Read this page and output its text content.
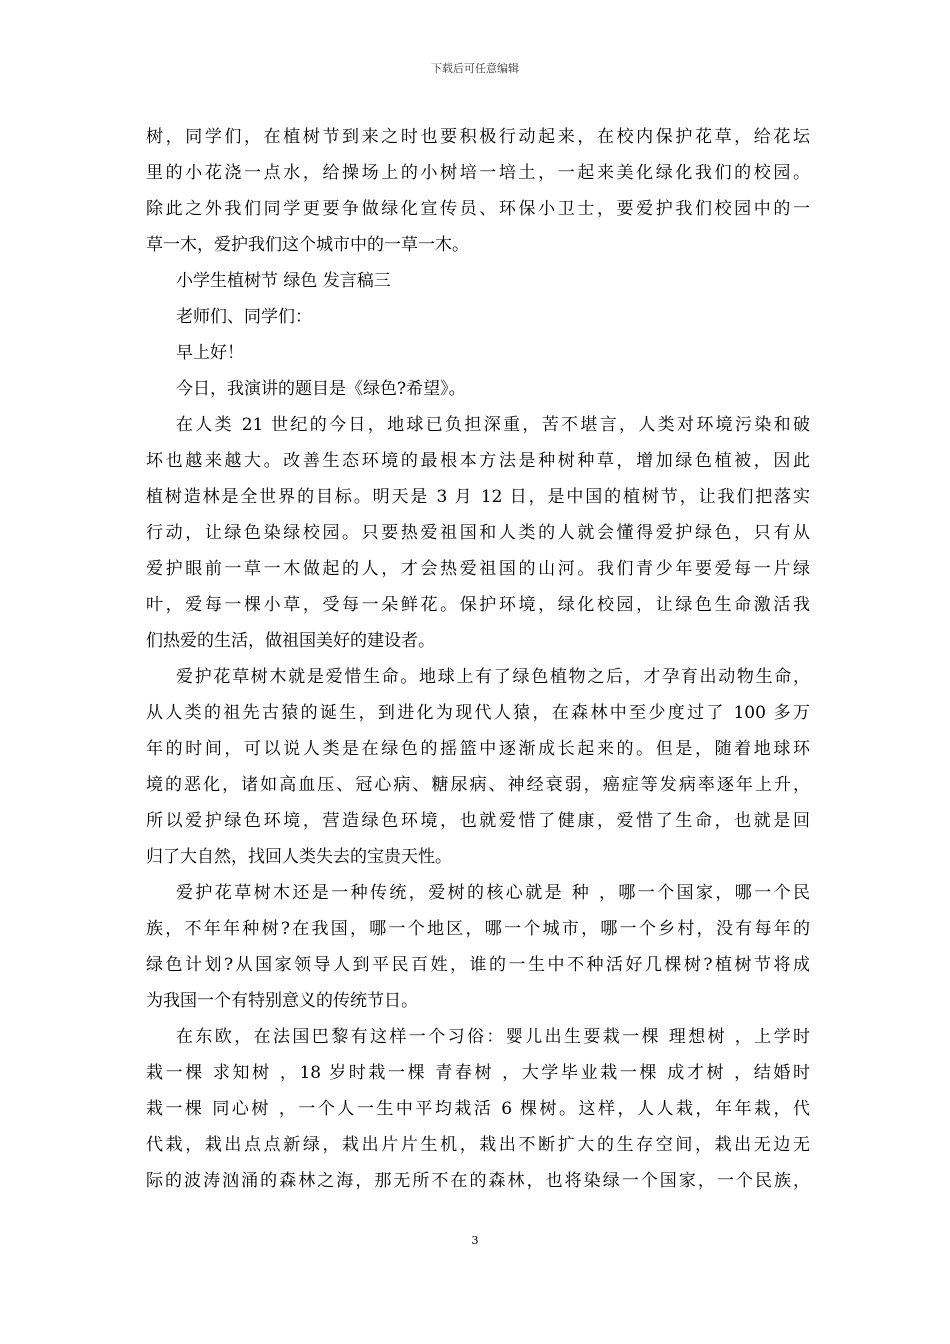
下载后可任意编辑
树，同学们，在植树节到来之时也要积极行动起来，在校内保护花草，给花坛
里的小花浇一点水，给操场上的小树培一培土，一起来美化绿化我们的校园。
除此之外我们同学更要争做绿化宣传员、环保小卫士，要爱护我们校园中的一
草一木，爱护我们这个城市中的一草一木。
小学生植树节 绿色 发言稿三
老师们、同学们：
早上好！
今日，我演讲的题目是《绿色?希望》。
在人类 21 世纪的今日，地球已负担深重，苦不堪言，人类对环境污染和破
坏也越来越大。改善生态环境的最根本方法是种树种草，增加绿色植被，因此
植树造林是全世界的目标。明天是 3 月 12 日，是中国的植树节，让我们把落实
行动，让绿色染绿校园。只要热爱祖国和人类的人就会懂得爱护绿色，只有从
爱护眼前一草一木做起的人，才会热爱祖国的山河。我们青少年要爱每一片绿
叶，爱每一棵小草，受每一朵鲜花。保护环境，绿化校园，让绿色生命激活我
们热爱的生活，做祖国美好的建设者。
爱护花草树木就是爱惜生命。地球上有了绿色植物之后，才孕育出动物生命，
从人类的祖先古猿的诞生，到进化为现代人猿，在森林中至少度过了 100 多万
年的时间，可以说人类是在绿色的摇篮中逐渐成长起来的。但是，随着地球环
境的恶化，诸如高血压、冠心病、糖尿病、神经衰弱，癌症等发病率逐年上升，
所以爱护绿色环境，营造绿色环境，也就爱惜了健康，爱惜了生命，也就是回
归了大自然，找回人类失去的宝贵天性。
爱护花草树木还是一种传统，爱树的核心就是 种 ，哪一个国家，哪一个民
族，不年年种树?在我国，哪一个地区，哪一个城市，哪一个乡村，没有每年的
绿色计划?从国家领导人到平民百姓，谁的一生中不种活好几棵树?植树节将成
为我国一个有特别意义的传统节日。
在东欧，在法国巴黎有这样一个习俗：婴儿出生要栽一棵 理想树 ，上学时
栽一棵 求知树 ，18 岁时栽一棵 青春树 ，大学毕业栽一棵 成才树 ，结婚时
栽一棵 同心树 ，一个人一生中平均栽活 6 棵树。这样，人人栽，年年栽，代
代栽，栽出点点新绿，栽出片片生机，栽出不断扩大的生存空间，栽出无边无
际的波涛汹涌的森林之海，那无所不在的森林，也将染绿一个国家，一个民族，
3
